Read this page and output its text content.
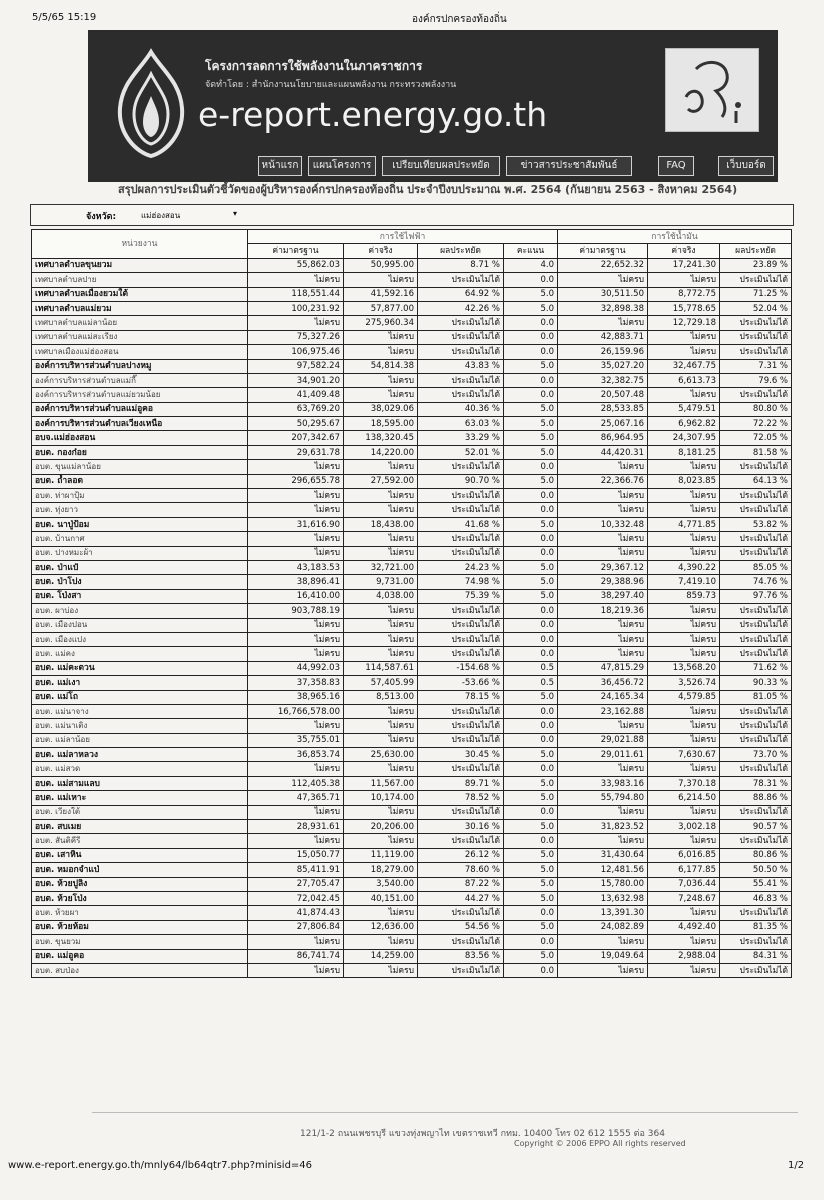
5/5/65 15:19	องค์กรปกครองท้องถิ่น
โครงการลดการใช้พลังงานในภาคราชการ
จัดทำโดย : สำนักงานนโยบายและแผนพลังงาน กระทรวงพลังงาน
e-report.energy.go.th
หน้าแรก	แผนโครงการ	เปรียบเทียบผลประหยัด	ข่าวสารประชาสัมพันธ์	FAQ	เว็บบอร์ด
สรุปผลการประเมินตัวชี้วัดของผู้บริหารองค์กรปกครองท้องถิ่น ประจำปีงบประมาณ พ.ศ. 2564 (กันยายน 2563 - สิงหาคม 2564)
จังหวัด:	แม่ฮ่องสอน	▾
หน่วยงาน	การใช้ไฟฟ้า				การใช้น้ำมัน		
	ค่ามาตรฐาน	ค่าจริง	ผลประหยัด	คะแนน	ค่ามาตรฐาน	ค่าจริง	ผลประหยัด
เทศบาลตำบลขุนยวม	55,862.03	50,995.00	8.71 %	4.0	22,652.32	17,241.30	23.89 %
เทศบาลตำบลปาย	ไม่ครบ	ไม่ครบ	ประเมินไม่ได้	0.0	ไม่ครบ	ไม่ครบ	ประเมินไม่ได้
เทศบาลตำบลเมืองยวมใต้	118,551.44	41,592.16	64.92 %	5.0	30,511.50	8,772.75	71.25 %
เทศบาลตำบลแม่ยวม	100,231.92	57,877.00	42.26 %	5.0	32,898.38	15,778.65	52.04 %
เทศบาลตำบลแม่ลาน้อย	ไม่ครบ	275,960.34	ประเมินไม่ได้	0.0	ไม่ครบ	12,729.18	ประเมินไม่ได้
เทศบาลตำบลแม่สะเรียง	75,327.26	ไม่ครบ	ประเมินไม่ได้	0.0	42,883.71	ไม่ครบ	ประเมินไม่ได้
เทศบาลเมืองแม่ฮ่องสอน	106,975.46	ไม่ครบ	ประเมินไม่ได้	0.0	26,159.96	ไม่ครบ	ประเมินไม่ได้
องค์การบริหารส่วนตำบลปางหมู	97,582.24	54,814.38	43.83 %	5.0	35,027.20	32,467.75	7.31 %
องค์การบริหารส่วนตำบลแม่กี๊	34,901.20	ไม่ครบ	ประเมินไม่ได้	0.0	32,382.75	6,613.73	79.6 %
องค์การบริหารส่วนตำบลแม่ยวมน้อย	41,409.48	ไม่ครบ	ประเมินไม่ได้	0.0	20,507.48	ไม่ครบ	ประเมินไม่ได้
องค์การบริหารส่วนตำบลแม่อูคอ	63,769.20	38,029.06	40.36 %	5.0	28,533.85	5,479.51	80.80 %
องค์การบริหารส่วนตำบลเวียงเหนือ	50,295.67	18,595.00	63.03 %	5.0	25,067.16	6,962.82	72.22 %
อบจ.แม่ฮ่องสอน	207,342.67	138,320.45	33.29 %	5.0	86,964.95	24,307.95	72.05 %
อบต. กองก๋อย	29,631.78	14,220.00	52.01 %	5.0	44,420.31	8,181.25	81.58 %
อบต. ขุนแม่ลาน้อย	ไม่ครบ	ไม่ครบ	ประเมินไม่ได้	0.0	ไม่ครบ	ไม่ครบ	ประเมินไม่ได้
อบต. ถ้ำลอด	296,655.78	27,592.00	90.70 %	5.0	22,366.76	8,023.85	64.13 %
อบต. ท่าผาปุ้ม	ไม่ครบ	ไม่ครบ	ประเมินไม่ได้	0.0	ไม่ครบ	ไม่ครบ	ประเมินไม่ได้
อบต. ทุ่งยาว	ไม่ครบ	ไม่ครบ	ประเมินไม่ได้	0.0	ไม่ครบ	ไม่ครบ	ประเมินไม่ได้
อบต. นาปู่ป้อม	31,616.90	18,438.00	41.68 %	5.0	10,332.48	4,771.85	53.82 %
อบต. บ้านกาศ	ไม่ครบ	ไม่ครบ	ประเมินไม่ได้	0.0	ไม่ครบ	ไม่ครบ	ประเมินไม่ได้
อบต. ปางหมะผ้า	ไม่ครบ	ไม่ครบ	ประเมินไม่ได้	0.0	ไม่ครบ	ไม่ครบ	ประเมินไม่ได้
อบต. ป่าแป๋	43,183.53	32,721.00	24.23 %	5.0	29,367.12	4,390.22	85.05 %
อบต. ป่าโปง	38,896.41	9,731.00	74.98 %	5.0	29,388.96	7,419.10	74.76 %
อบต. โป่งสา	16,410.00	4,038.00	75.39 %	5.0	38,297.40	859.73	97.76 %
อบต. ผาบ่อง	903,788.19	ไม่ครบ	ประเมินไม่ได้	0.0	18,219.36	ไม่ครบ	ประเมินไม่ได้
อบต. เมืองปอน	ไม่ครบ	ไม่ครบ	ประเมินไม่ได้	0.0	ไม่ครบ	ไม่ครบ	ประเมินไม่ได้
อบต. เมืองแปง	ไม่ครบ	ไม่ครบ	ประเมินไม่ได้	0.0	ไม่ครบ	ไม่ครบ	ประเมินไม่ได้
อบต. แม่คง	ไม่ครบ	ไม่ครบ	ประเมินไม่ได้	0.0	ไม่ครบ	ไม่ครบ	ประเมินไม่ได้
อบต. แม่คะตวน	44,992.03	114,587.61	-154.68 %	0.5	47,815.29	13,568.20	71.62 %
อบต. แม่เงา	37,358.83	57,405.99	-53.66 %	0.5	36,456.72	3,526.74	90.33 %
อบต. แม่โถ	38,965.16	8,513.00	78.15 %	5.0	24,165.34	4,579.85	81.05 %
อบต. แม่นาจาง	16,766,578.00	ไม่ครบ	ประเมินไม่ได้	0.0	23,162.88	ไม่ครบ	ประเมินไม่ได้
อบต. แม่นาเติง	ไม่ครบ	ไม่ครบ	ประเมินไม่ได้	0.0	ไม่ครบ	ไม่ครบ	ประเมินไม่ได้
อบต. แม่ลาน้อย	35,755.01	ไม่ครบ	ประเมินไม่ได้	0.0	29,021.88	ไม่ครบ	ประเมินไม่ได้
อบต. แม่ลาหลวง	36,853.74	25,630.00	30.45 %	5.0	29,011.61	7,630.67	73.70 %
อบต. แม่สวด	ไม่ครบ	ไม่ครบ	ประเมินไม่ได้	0.0	ไม่ครบ	ไม่ครบ	ประเมินไม่ได้
อบต. แม่สามแลบ	112,405.38	11,567.00	89.71 %	5.0	33,983.16	7,370.18	78.31 %
อบต. แม่เหาะ	47,365.71	10,174.00	78.52 %	5.0	55,794.80	6,214.50	88.86 %
อบต. เวียงใต้	ไม่ครบ	ไม่ครบ	ประเมินไม่ได้	0.0	ไม่ครบ	ไม่ครบ	ประเมินไม่ได้
อบต. สบเมย	28,931.61	20,206.00	30.16 %	5.0	31,823.52	3,002.18	90.57 %
อบต. สันติคีรี	ไม่ครบ	ไม่ครบ	ประเมินไม่ได้	0.0	ไม่ครบ	ไม่ครบ	ประเมินไม่ได้
อบต. เสาหิน	15,050.77	11,119.00	26.12 %	5.0	31,430.64	6,016.85	80.86 %
อบต. หมอกจำแป่	85,411.91	18,279.00	78.60 %	5.0	12,481.56	6,177.85	50.50 %
อบต. ห้วยปูลิง	27,705.47	3,540.00	87.22 %	5.0	15,780.00	7,036.44	55.41 %
อบต. ห้วยโป่ง	72,042.45	40,151.00	44.27 %	5.0	13,632.98	7,248.67	46.83 %
อบต. ห้วยผา	41,874.43	ไม่ครบ	ประเมินไม่ได้	0.0	13,391.30	ไม่ครบ	ประเมินไม่ได้
อบต. ห้วยห้อม	27,806.84	12,636.00	54.56 %	5.0	24,082.89	4,492.40	81.35 %
อบต. ขุนยวม	ไม่ครบ	ไม่ครบ	ประเมินไม่ได้	0.0	ไม่ครบ	ไม่ครบ	ประเมินไม่ได้
อบต. แม่อูคอ	86,741.74	14,259.00	83.56 %	5.0	19,049.64	2,988.04	84.31 %
อบต. สบป่อง	ไม่ครบ	ไม่ครบ	ประเมินไม่ได้	0.0	ไม่ครบ	ไม่ครบ	ประเมินไม่ได้
121/1-2 ถนนเพชรบุรี แขวงทุ่งพญาไท เขตราชเทวี กทม. 10400 โทร 02 612 1555 ต่อ 364
Copyright © 2006 EPPO All rights reserved
www.e-report.energy.go.th/mnly64/lb64qtr7.php?minisid=46	1/2
